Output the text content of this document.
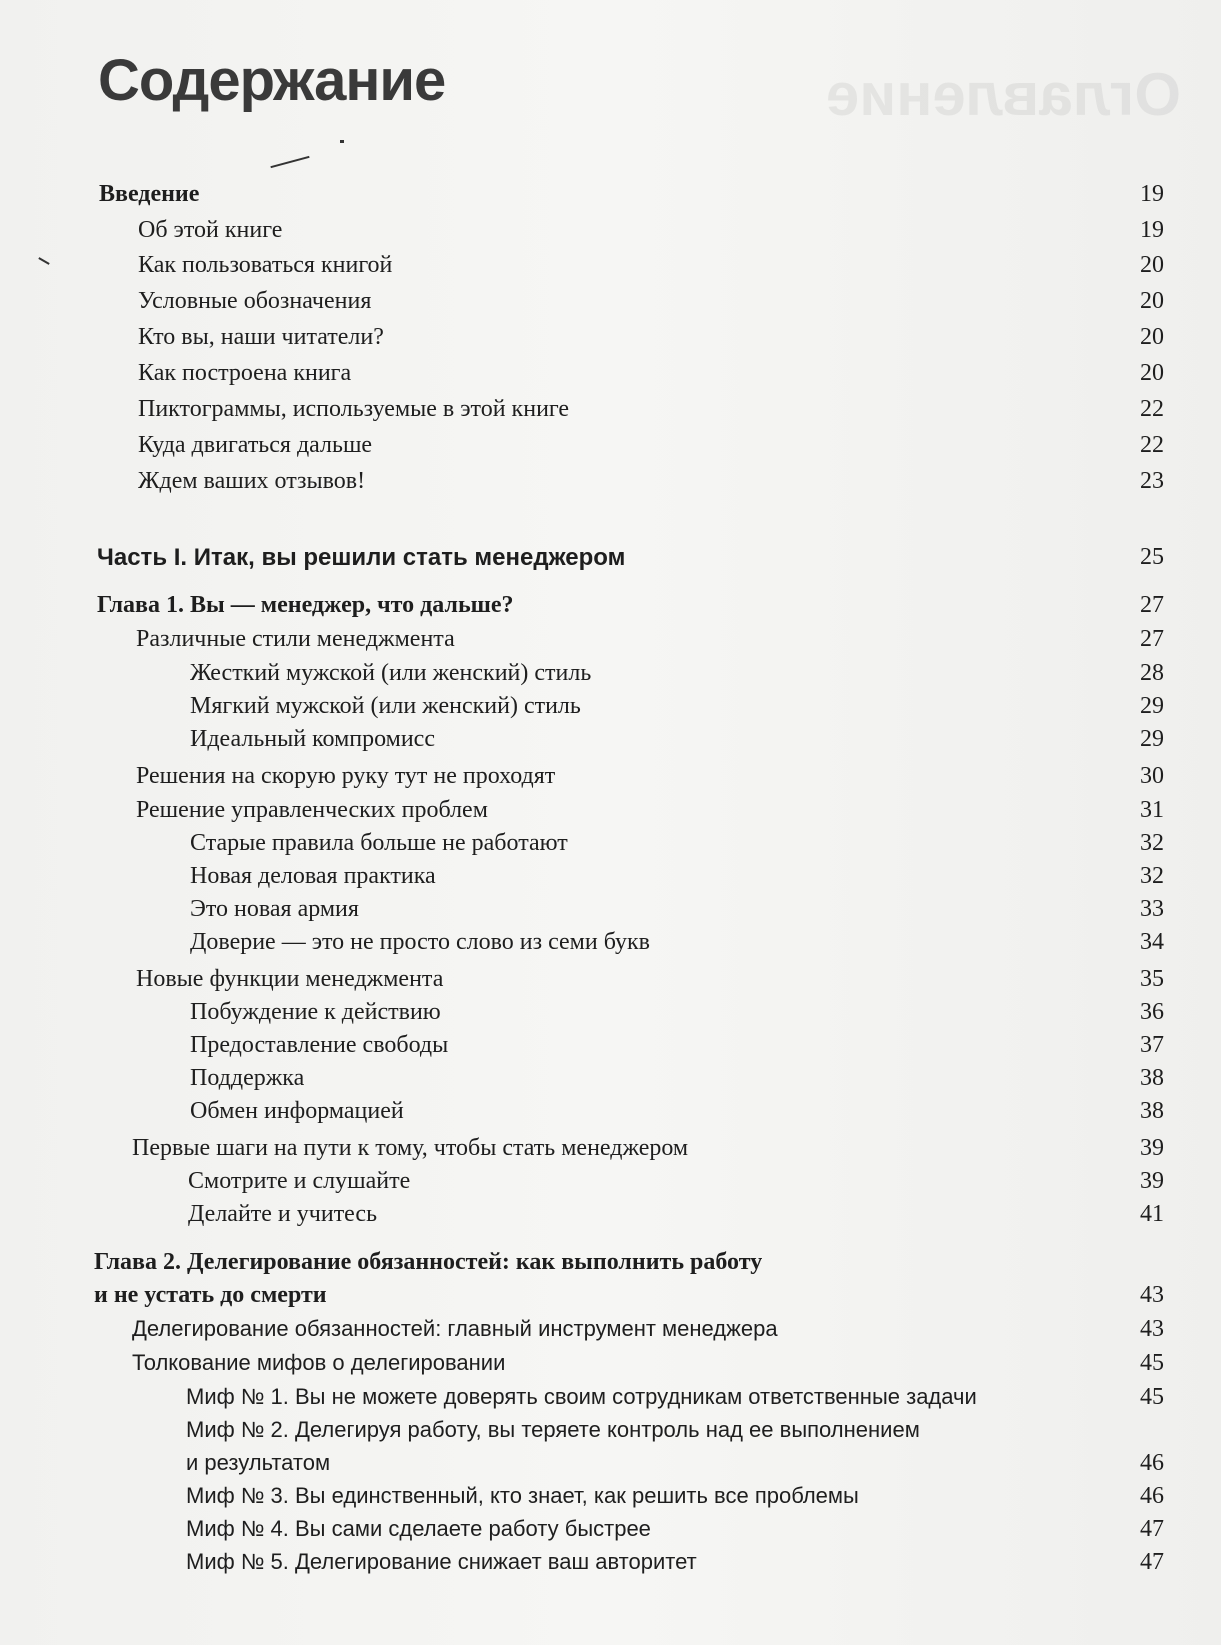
Оглавление
Содержание
Введение	19
Об этой книге	19
Как пользоваться книгой	20
Условные обозначения	20
Кто вы, наши читатели?	20
Как построена книга	20
Пиктограммы, используемые в этой книге	22
Куда двигаться дальше	22
Ждем ваших отзывов!	23
Часть I. Итак, вы решили стать менеджером	25
Глава 1. Вы — менеджер, что дальше?	27
Различные стили менеджмента	27
Жесткий мужской (или женский) стиль	28
Мягкий мужской (или женский) стиль	29
Идеальный компромисс	29
Решения на скорую руку тут не проходят	30
Решение управленческих проблем	31
Старые правила больше не работают	32
Новая деловая практика	32
Это новая армия	33
Доверие — это не просто слово из семи букв	34
Новые функции менеджмента	35
Побуждение к действию	36
Предоставление свободы	37
Поддержка	38
Обмен информацией	38
Первые шаги на пути к тому, чтобы стать менеджером	39
Смотрите и слушайте	39
Делайте и учитесь	41
Глава 2. Делегирование обязанностей: как выполнить работу
и не устать до смерти	43
Делегирование обязанностей: главный инструмент менеджера	43
Толкование мифов о делегировании	45
Миф № 1. Вы не можете доверять своим сотрудникам ответственные задачи	45
Миф № 2. Делегируя работу, вы теряете контроль над ее выполнением
и результатом	46
Миф № 3. Вы единственный, кто знает, как решить все проблемы	46
Миф № 4. Вы сами сделаете работу быстрее	47
Миф № 5. Делегирование снижает ваш авторитет	47
